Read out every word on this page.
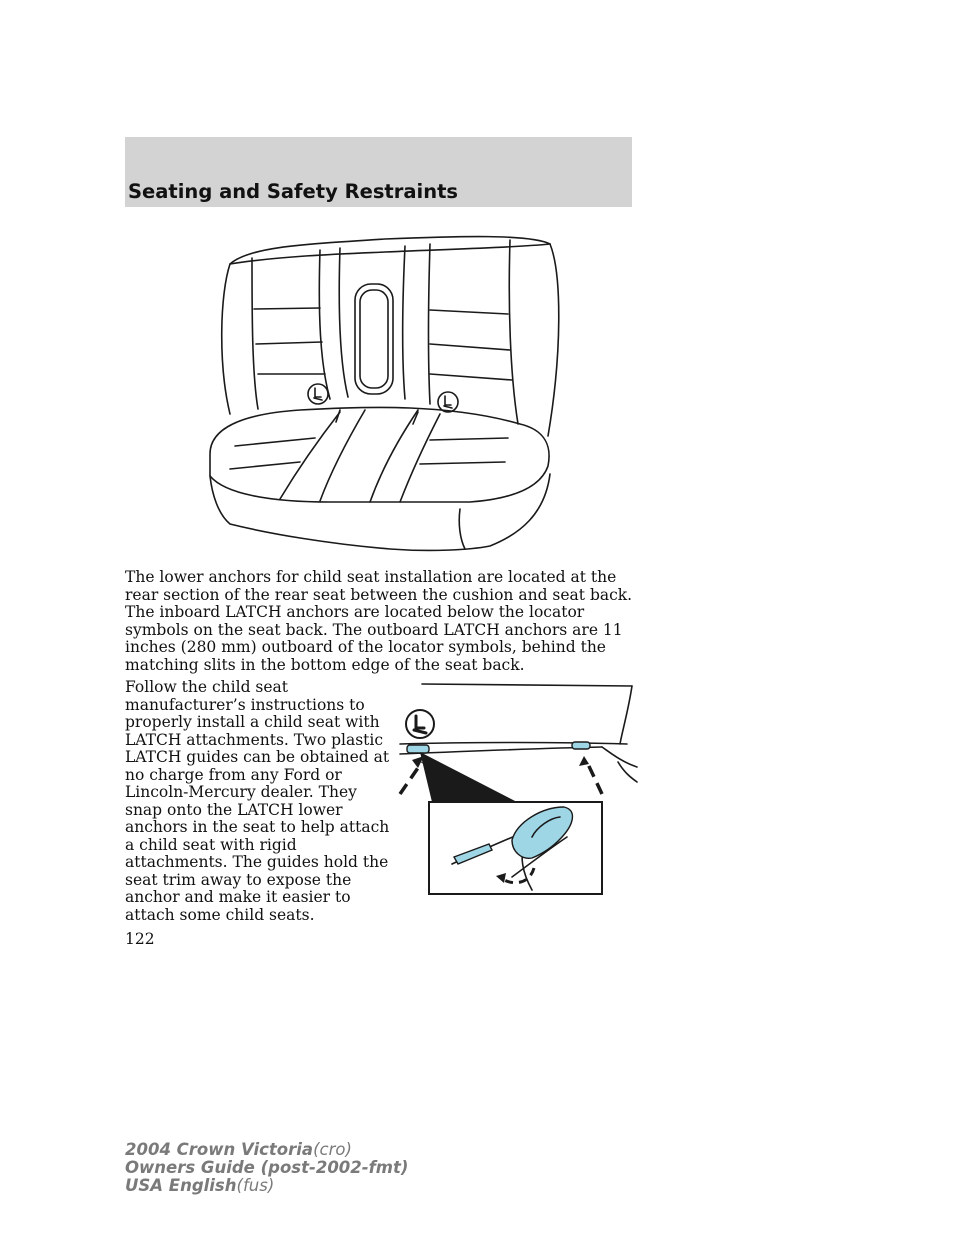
Seating and Safety Restraints

The lower anchors for child seat installation are located at the rear section of the rear seat between the cushion and seat back. The inboard LATCH anchors are located below the locator symbols on the seat back. The outboard LATCH anchors are 11 inches (280 mm) outboard of the locator symbols, behind the matching slits in the bottom edge of the seat back.

Follow the child seat manufacturer’s instructions to properly install a child seat with LATCH attachments. Two plastic LATCH guides can be obtained at no charge from any Ford or Lincoln-Mercury dealer. They snap onto the LATCH lower anchors in the seat to help attach a child seat with rigid attachments. The guides hold the seat trim away to expose the anchor and make it easier to attach some child seats.

122
2004 Crown Victoria(cro)
Owners Guide (post-2002-fmt)
USA English(fus)
